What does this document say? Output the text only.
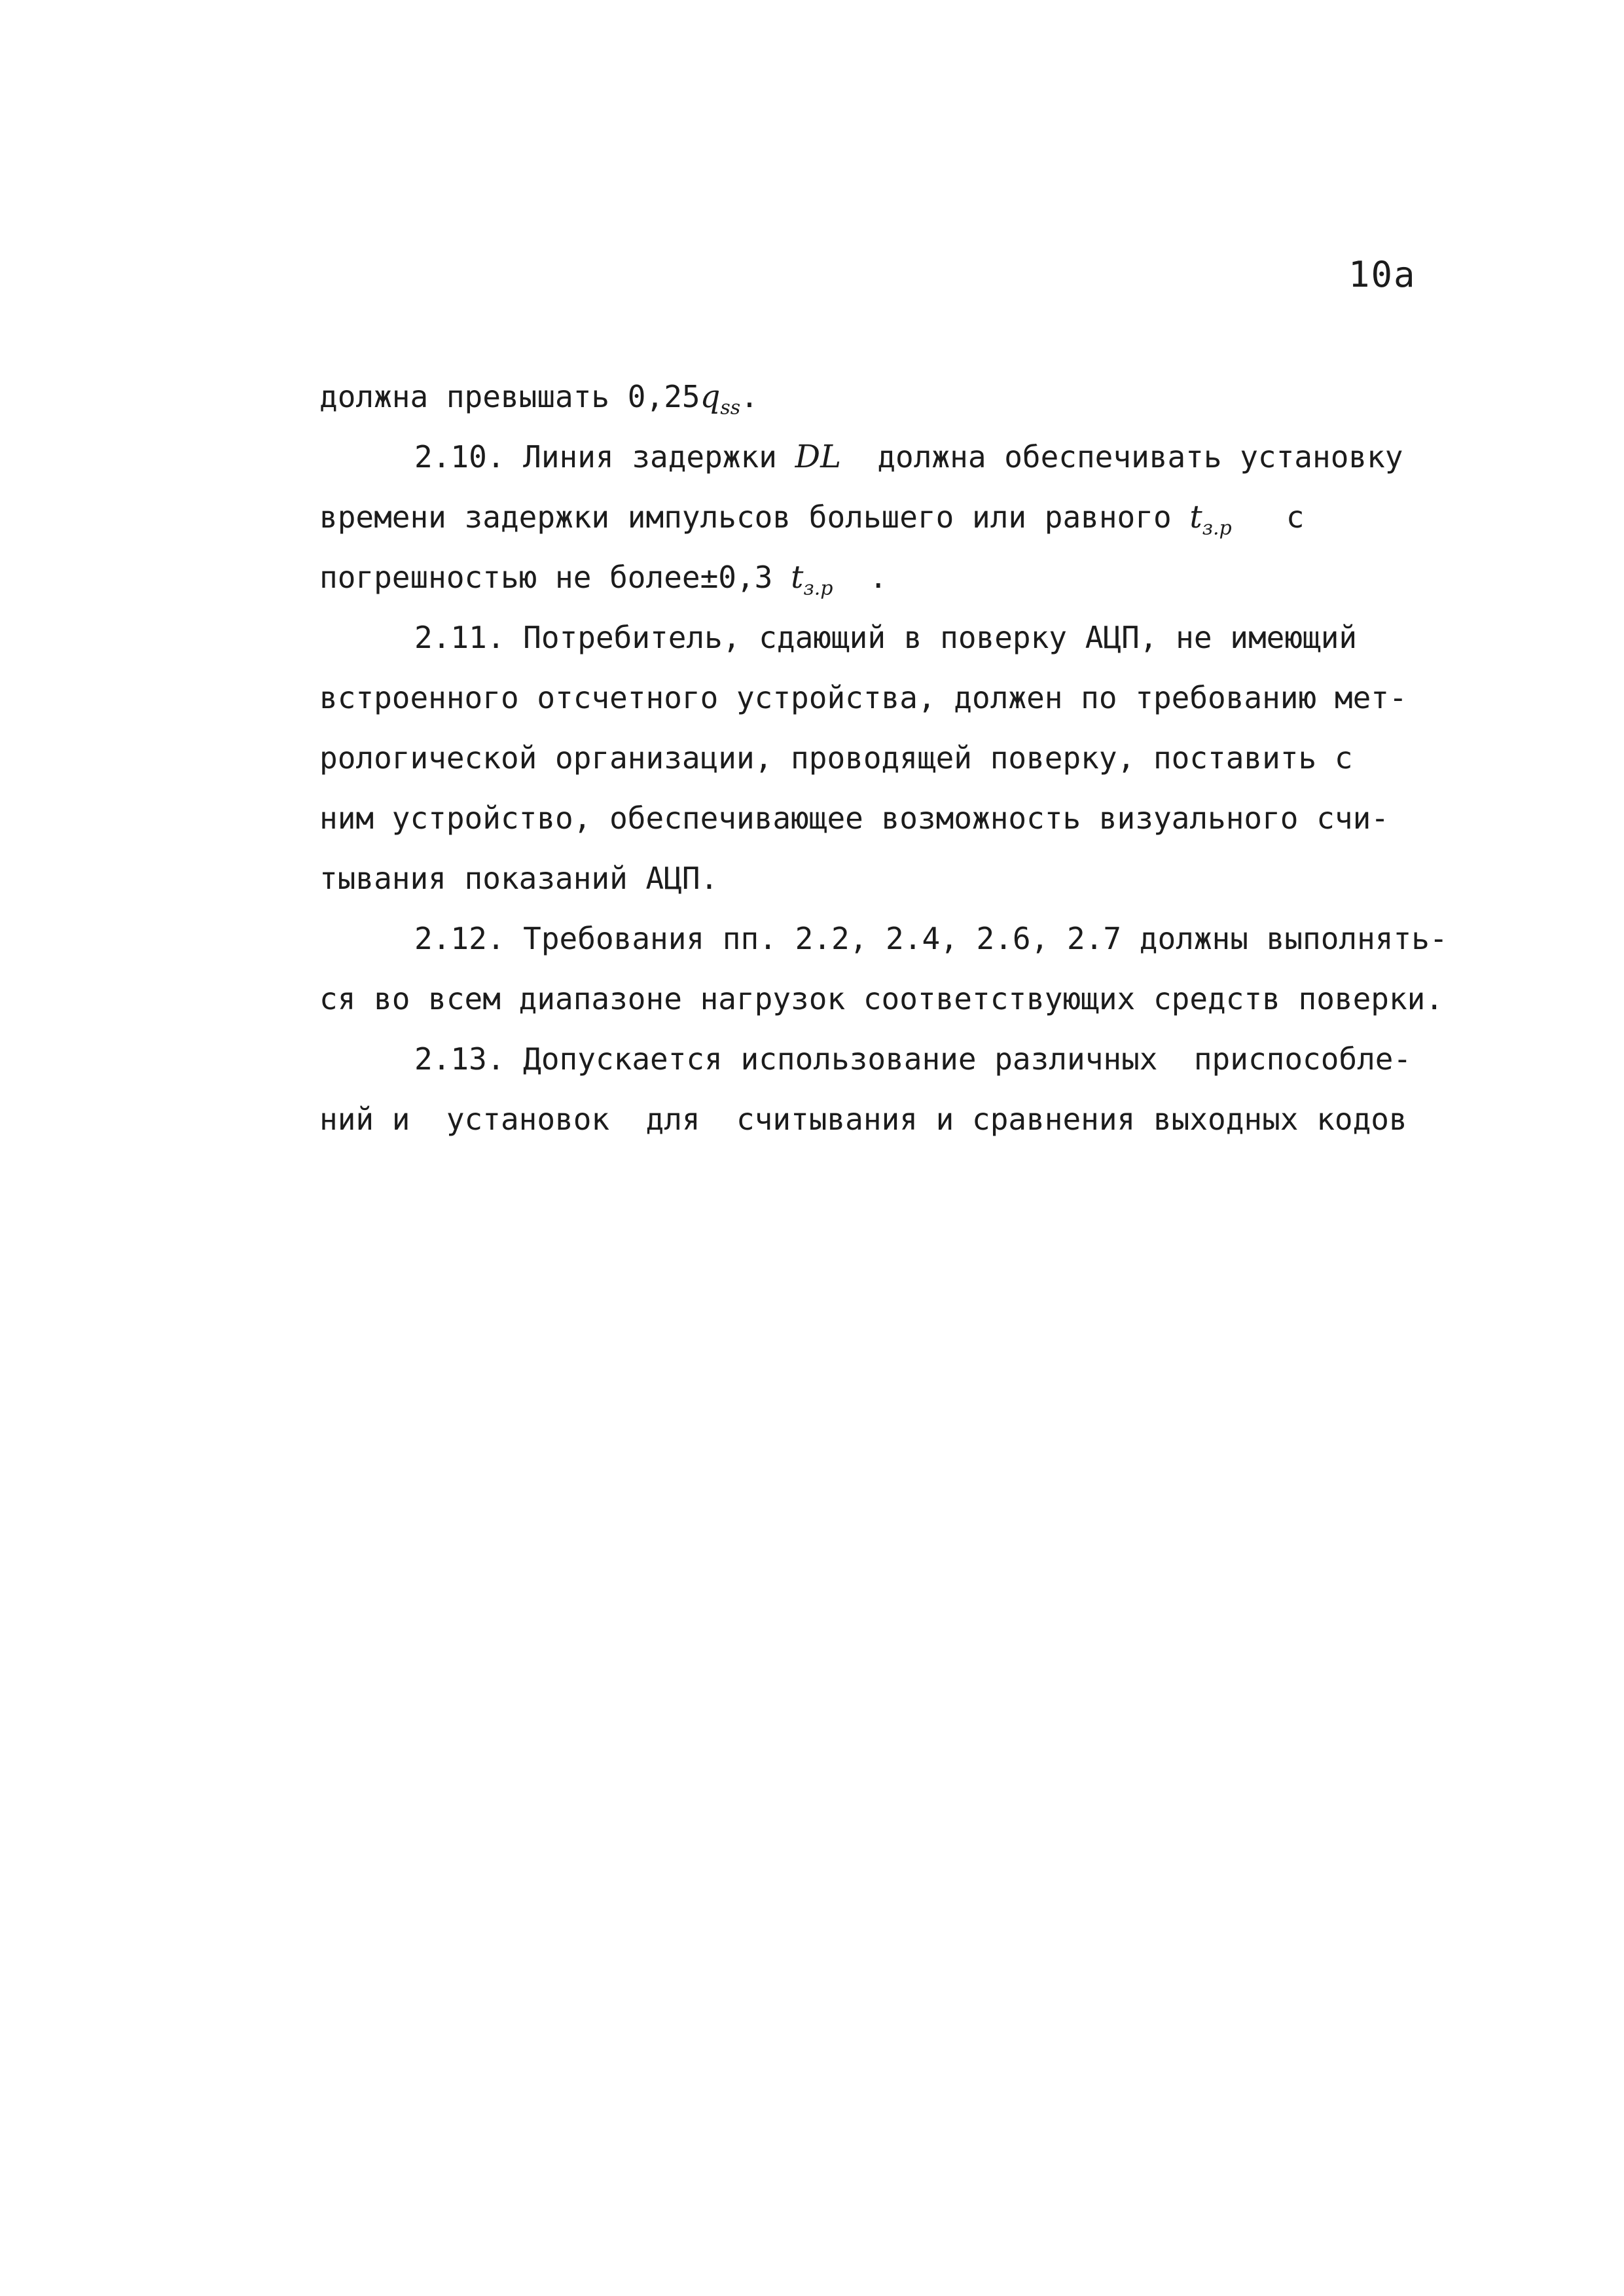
10а
должна превышать $0,25q_{ss}$.
2.10. Линия задержки DL  должна обеспечивать установку
времени задержки импульсов большего или равного $t_{з.р}$   с
погрешностью не более±0,3 $t_{з.р}$ .
2.11. Потребитель, сдающий в поверку АЦП, не имеющий
встроенного отсчетного устройства, должен по требованию мет-
рологической организации, проводящей поверку, поставить с
ним устройство, обеспечивающее возможность визуального счи-
тывания показаний АЦП.
2.12. Требования пп. 2.2, 2.4, 2.6, 2.7 должны выполнять-
ся во всем диапазоне нагрузок соответствующих средств поверки.
2.13. Допускается использование различных  приспособле-
ний и  установок  для  считывания и сравнения выходных кодов
